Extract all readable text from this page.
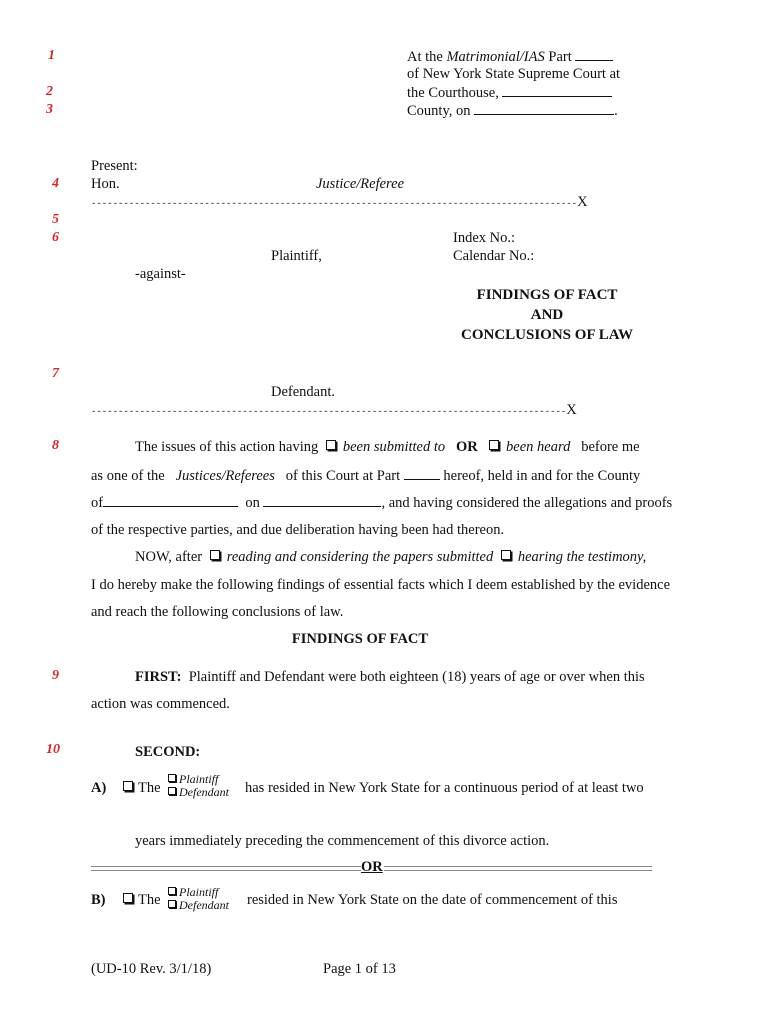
1
2
3
4
5
6
7
8
9
10
At the Matrimonial/IAS Part
of New York State Supreme Court at
the Courthouse,
County, on	.
Present:
Hon.	Justice/Referee
------------------------------------------------------------------------------------------X
Index No.:
Plaintiff,	Calendar No.:
-against-
FINDINGS OF FACT
AND
CONCLUSIONS OF LAW
Defendant.
----------------------------------------------------------------------------------------X
The issues of this action having been submitted to OR been heard before me
as one of the Justices/Referees of this Court at Part	hereof, held in and for the County
of	on	, and having considered the allegations and proofs
of the respective parties, and due deliberation having been had thereon.
NOW, after reading and considering the papers submitted hearing the testimony,
I do hereby make the following findings of essential facts which I deem established by the evidence
and reach the following conclusions of law.
FINDINGS OF FACT
FIRST: Plaintiff and Defendant were both eighteen (18) years of age or over when this
action was commenced.
SECOND:
A)	The
Plaintiff
Defendant has resided in New York State for a continuous period of at least two
years immediately preceding the commencement of this divorce action.
OR
B)	The	Plaintiff
Defendant resided in New York State on the date of commencement of this
(UD-10 Rev. 3/1/18)	Page 1 of 13
